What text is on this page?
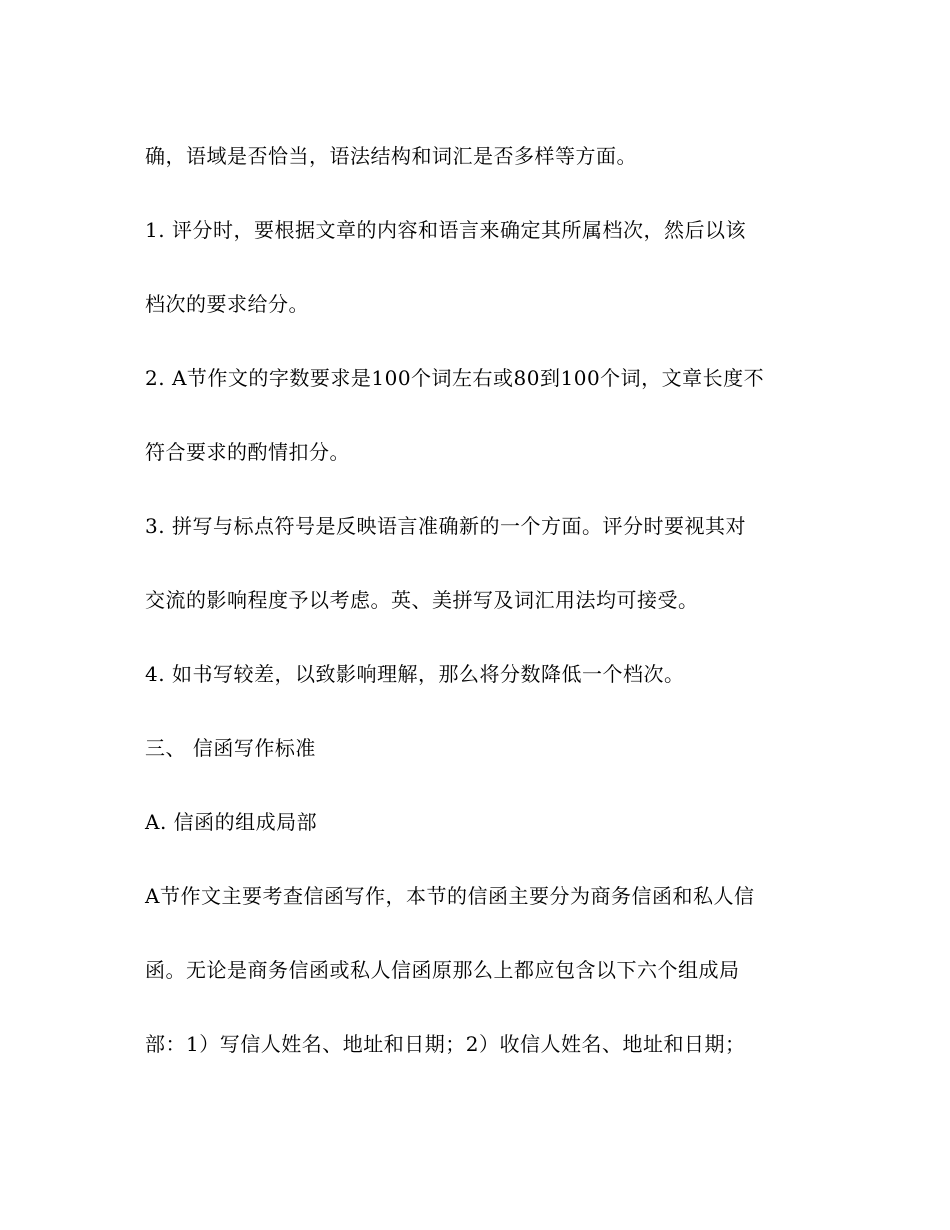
确，语域是否恰当，语法结构和词汇是否多样等方面。
1. 评分时，要根据文章的内容和语言来确定其所属档次，然后以该
档次的要求给分。
2. A节作文的字数要求是100个词左右或80到100个词，文章长度不
符合要求的酌情扣分。
3. 拼写与标点符号是反映语言准确新的一个方面。评分时要视其对
交流的影响程度予以考虑。英、美拼写及词汇用法均可接受。
4. 如书写较差，以致影响理解，那么将分数降低一个档次。
三、 信函写作标准
A. 信函的组成局部
A节作文主要考查信函写作，本节的信函主要分为商务信函和私人信
函。无论是商务信函或私人信函原那么上都应包含以下六个组成局
部：1）写信人姓名、地址和日期；2）收信人姓名、地址和日期；
